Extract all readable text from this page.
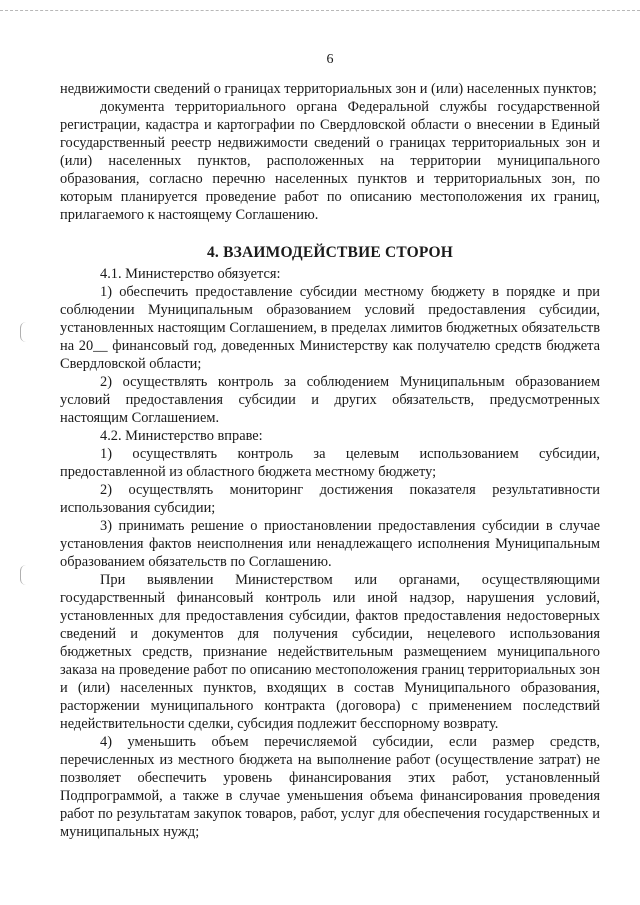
6

недвижимости сведений о границах территориальных зон и (или) населенных пунктов;

документа территориального органа Федеральной службы государственной регистрации, кадастра и картографии по Свердловской области о внесении в Единый государственный реестр недвижимости сведений о границах территориальных зон и (или) населенных пунктов, расположенных на территории муниципального образования, согласно перечню населенных пунктов и территориальных зон, по которым планируется проведение работ по описанию местоположения их границ, прилагаемого к настоящему Соглашению.

4. ВЗАИМОДЕЙСТВИЕ СТОРОН

4.1. Министерство обязуется:

1) обеспечить предоставление субсидии местному бюджету в порядке и при соблюдении Муниципальным образованием условий предоставления субсидии, установленных настоящим Соглашением, в пределах лимитов бюджетных обязательств на 20__ финансовый год, доведенных Министерству как получателю средств бюджета Свердловской области;

2) осуществлять контроль за соблюдением Муниципальным образованием условий предоставления субсидии и других обязательств, предусмотренных настоящим Соглашением.

4.2. Министерство вправе:

1) осуществлять контроль за целевым использованием субсидии, предоставленной из областного бюджета местному бюджету;

2) осуществлять мониторинг достижения показателя результативности использования субсидии;

3) принимать решение о приостановлении предоставления субсидии в случае установления фактов неисполнения или ненадлежащего исполнения Муниципальным образованием обязательств по Соглашению.

При выявлении Министерством или органами, осуществляющими государственный финансовый контроль или иной надзор, нарушения условий, установленных для предоставления субсидии, фактов предоставления недостоверных сведений и документов для получения субсидии, нецелевого использования бюджетных средств, признание недействительным размещением муниципального заказа на проведение работ по описанию местоположения границ территориальных зон и (или) населенных пунктов, входящих в состав Муниципального образования, расторжении муниципального контракта (договора) с применением последствий недействительности сделки, субсидия подлежит бесспорному возврату.

4) уменьшить объем перечисляемой субсидии, если размер средств, перечисленных из местного бюджета на выполнение работ (осуществление затрат) не позволяет обеспечить уровень финансирования этих работ, установленный Подпрограммой, а также в случае уменьшения объема финансирования проведения работ по результатам закупок товаров, работ, услуг для обеспечения государственных и муниципальных нужд;
